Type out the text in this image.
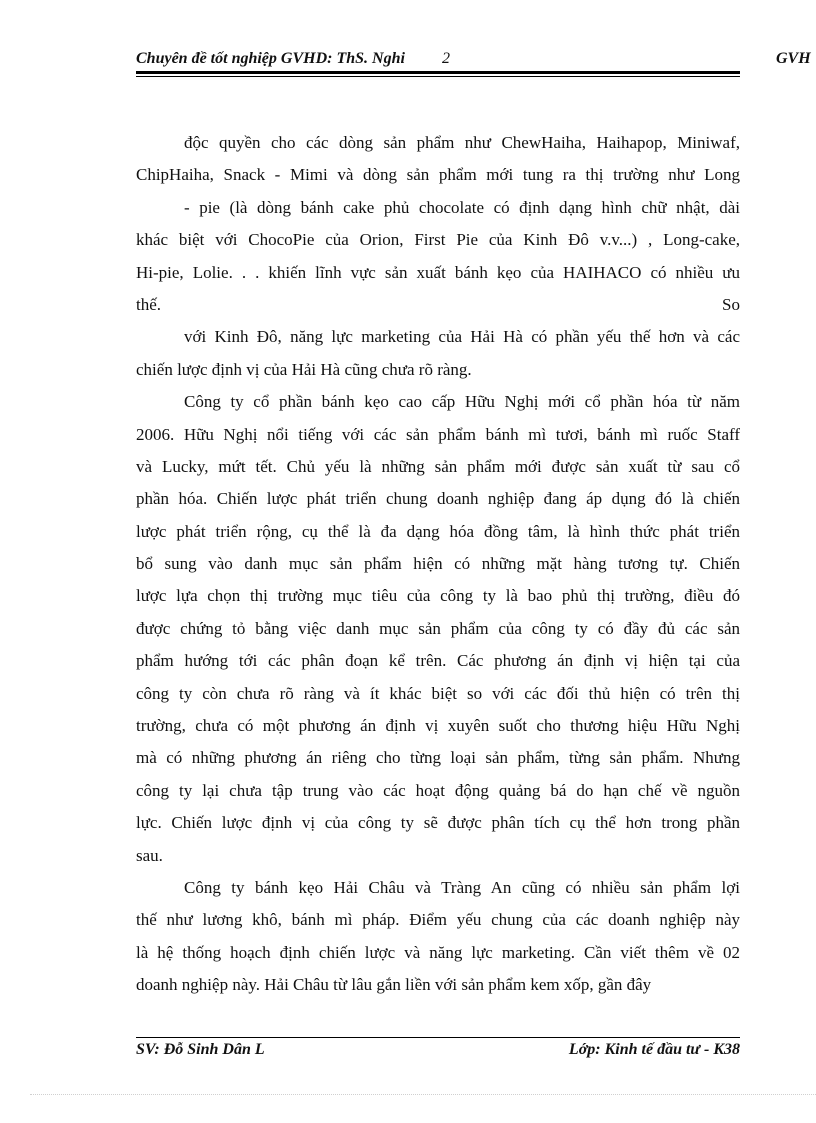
Chuyên đề tốt nghiệp GVHD: ThS. Nghi 2	GVH
độc quyền cho các dòng sản phẩm như ChewHaiha, Haihapop, Miniwaf,
ChipHaiha, Snack - Mimi và dòng sản phẩm mới tung ra thị trường như Long
- pie (là dòng bánh cake phủ chocolate có định dạng hình chữ nhật, dài
khác biệt với ChocoPie của Orion, First Pie của Kinh Đô v.v...) , Long-cake,
Hi-pie, Lolie. . . khiến lĩnh vực sản xuất bánh kẹo của HAIHACO có nhiều ưu
thế.	So
với Kinh Đô, năng lực marketing của Hải Hà có phần yếu thế hơn và các
chiến lược định vị của Hải Hà cũng chưa rõ ràng.
Công ty cổ phần bánh kẹo cao cấp Hữu Nghị mới cổ phần hóa từ năm
2006. Hữu Nghị nổi tiếng với các sản phẩm bánh mì tươi, bánh mì ruốc Staff
và Lucky, mứt tết. Chủ yếu là những sản phẩm mới được sản xuất từ sau cổ
phần hóa. Chiến lược phát triển chung doanh nghiệp đang áp dụng đó là chiến
lược phát triển rộng, cụ thể là đa dạng hóa đồng tâm, là hình thức phát triển
bổ sung vào danh mục sản phẩm hiện có những mặt hàng tương tự. Chiến
lược lựa chọn thị trường mục tiêu của công ty là bao phủ thị trường, điều đó
được chứng tỏ bằng việc danh mục sản phẩm của công ty có đầy đủ các sản
phẩm hướng tới các phân đoạn kể trên. Các phương án định vị hiện tại của
công ty còn chưa rõ ràng và ít khác biệt so với các đối thủ hiện có trên thị
trường, chưa có một phương án định vị xuyên suốt cho thương hiệu Hữu Nghị
mà có những phương án riêng cho từng loại sản phẩm, từng sản phẩm. Nhưng
công ty lại chưa tập trung vào các hoạt động quảng bá do hạn chế về nguồn
lực. Chiến lược định vị của công ty sẽ được phân tích cụ thể hơn trong phần
sau.
Công ty bánh kẹo Hải Châu và Tràng An cũng có nhiều sản phẩm lợi
thế như lương khô, bánh mì pháp. Điểm yếu chung của các doanh nghiệp này
là hệ thống hoạch định chiến lược và năng lực marketing. Cần viết thêm về 02
doanh nghiệp này. Hải Châu từ lâu gắn liền với sản phẩm kem xốp, gần đây
SV: Đỗ Sinh Dân L	Lớp: Kinh tế đầu tư - K38
